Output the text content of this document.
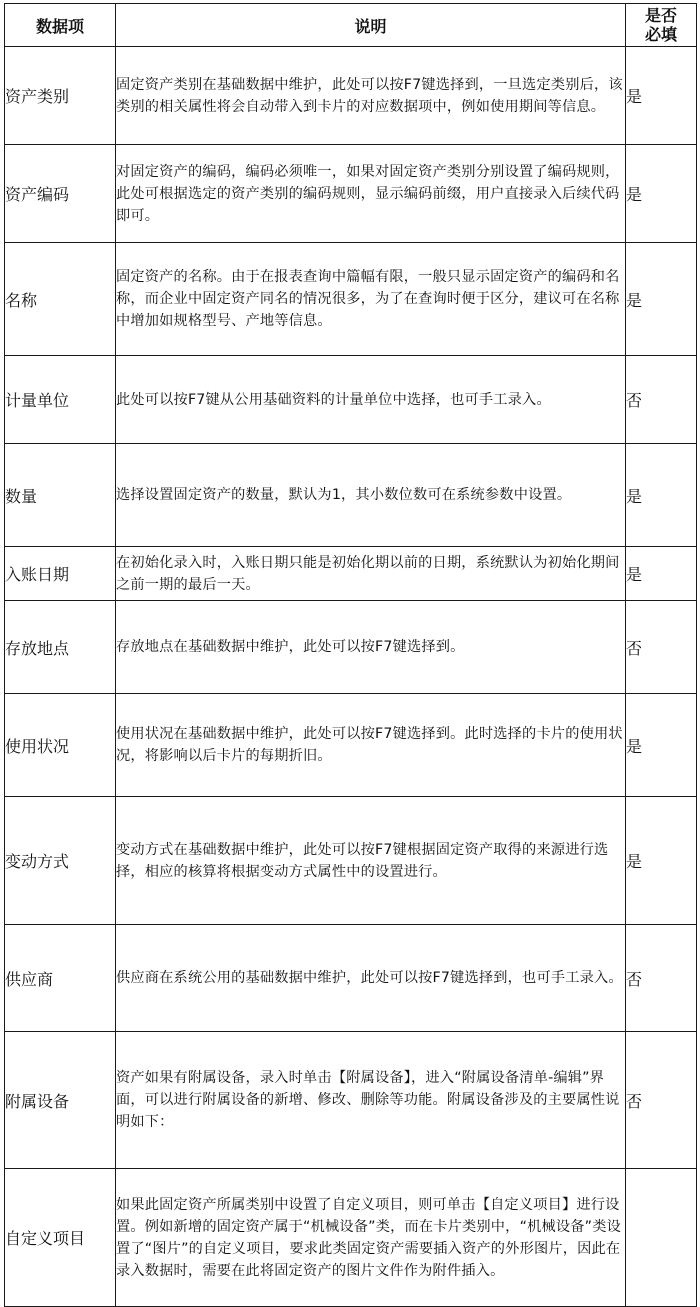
数据项	说明	是否必填
资产类别	固定资产类别在基础数据中维护，此处可以按F7键选择到，一旦选定类别后，该类别的相关属性将会自动带入到卡片的对应数据项中，例如使用期间等信息。	是
资产编码	对固定资产的编码，编码必须唯一，如果对固定资产类别分别设置了编码规则，此处可根据选定的资产类别的编码规则，显示编码前缀，用户直接录入后续代码即可。	是
名称	固定资产的名称。由于在报表查询中篇幅有限，一般只显示固定资产的编码和名称，而企业中固定资产同名的情况很多，为了在查询时便于区分，建议可在名称中增加如规格型号、产地等信息。	是
计量单位	此处可以按F7键从公用基础资料的计量单位中选择，也可手工录入。	否
数量	选择设置固定资产的数量，默认为1，其小数位数可在系统参数中设置。	是
入账日期	在初始化录入时，入账日期只能是初始化期以前的日期，系统默认为初始化期间之前一期的最后一天。	是
存放地点	存放地点在基础数据中维护，此处可以按F7键选择到。	否
使用状况	使用状况在基础数据中维护，此处可以按F7键选择到。此时选择的卡片的使用状况，将影响以后卡片的每期折旧。	是
变动方式	变动方式在基础数据中维护，此处可以按F7键根据固定资产取得的来源进行选择，相应的核算将根据变动方式属性中的设置进行。	是
供应商	供应商在系统公用的基础数据中维护，此处可以按F7键选择到，也可手工录入。	否
附属设备	资产如果有附属设备，录入时单击【附属设备】，进入“附属设备清单-编辑”界面，可以进行附属设备的新增、修改、删除等功能。附属设备涉及的主要属性说明如下：	否
自定义项目	如果此固定资产所属类别中设置了自定义项目，则可单击【自定义项目】进行设置。例如新增的固定资产属于“机械设备”类，而在卡片类别中，“机械设备”类设置了“图片”的自定义项目，要求此类固定资产需要插入资产的外形图片，因此在录入数据时，需要在此将固定资产的图片文件作为附件插入。	
